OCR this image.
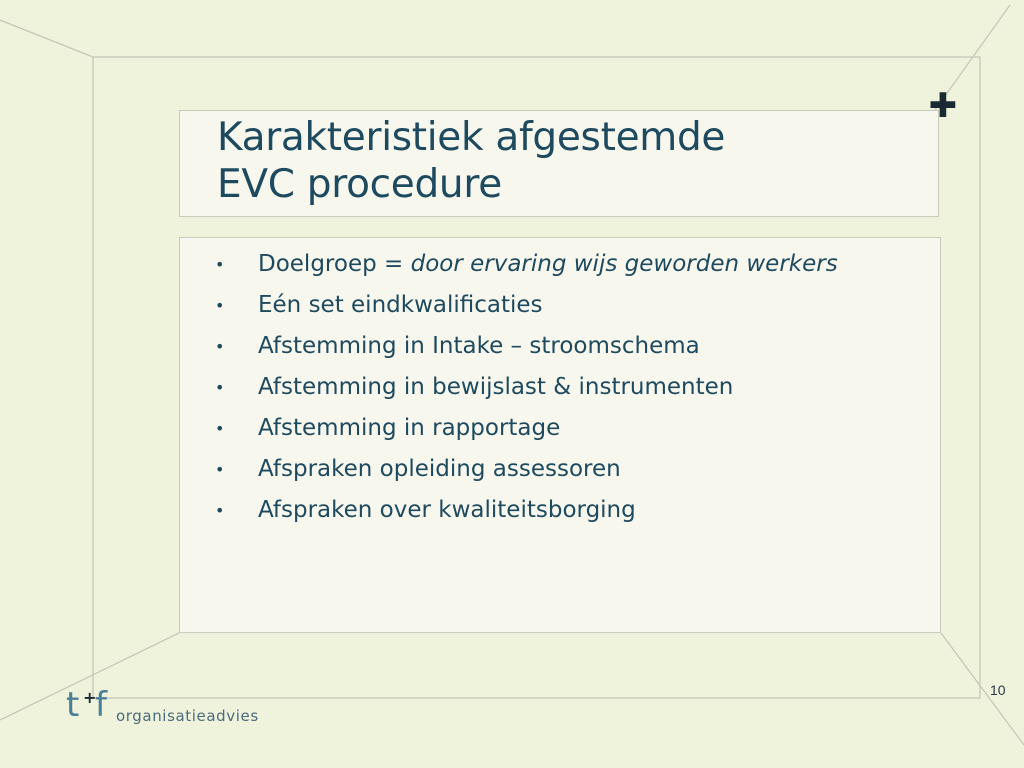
Karakteristiek afgestemde
EVC procedure
✚
• Doelgroep = door ervaring wijs geworden werkers
• Eén set eindkwalificaties
• Afstemming in Intake – stroomschema
• Afstemming in bewijslast & instrumenten
• Afstemming in rapportage
• Afspraken opleiding assessoren
• Afspraken over kwaliteitsborging
10
t +
f organisatieadvies
